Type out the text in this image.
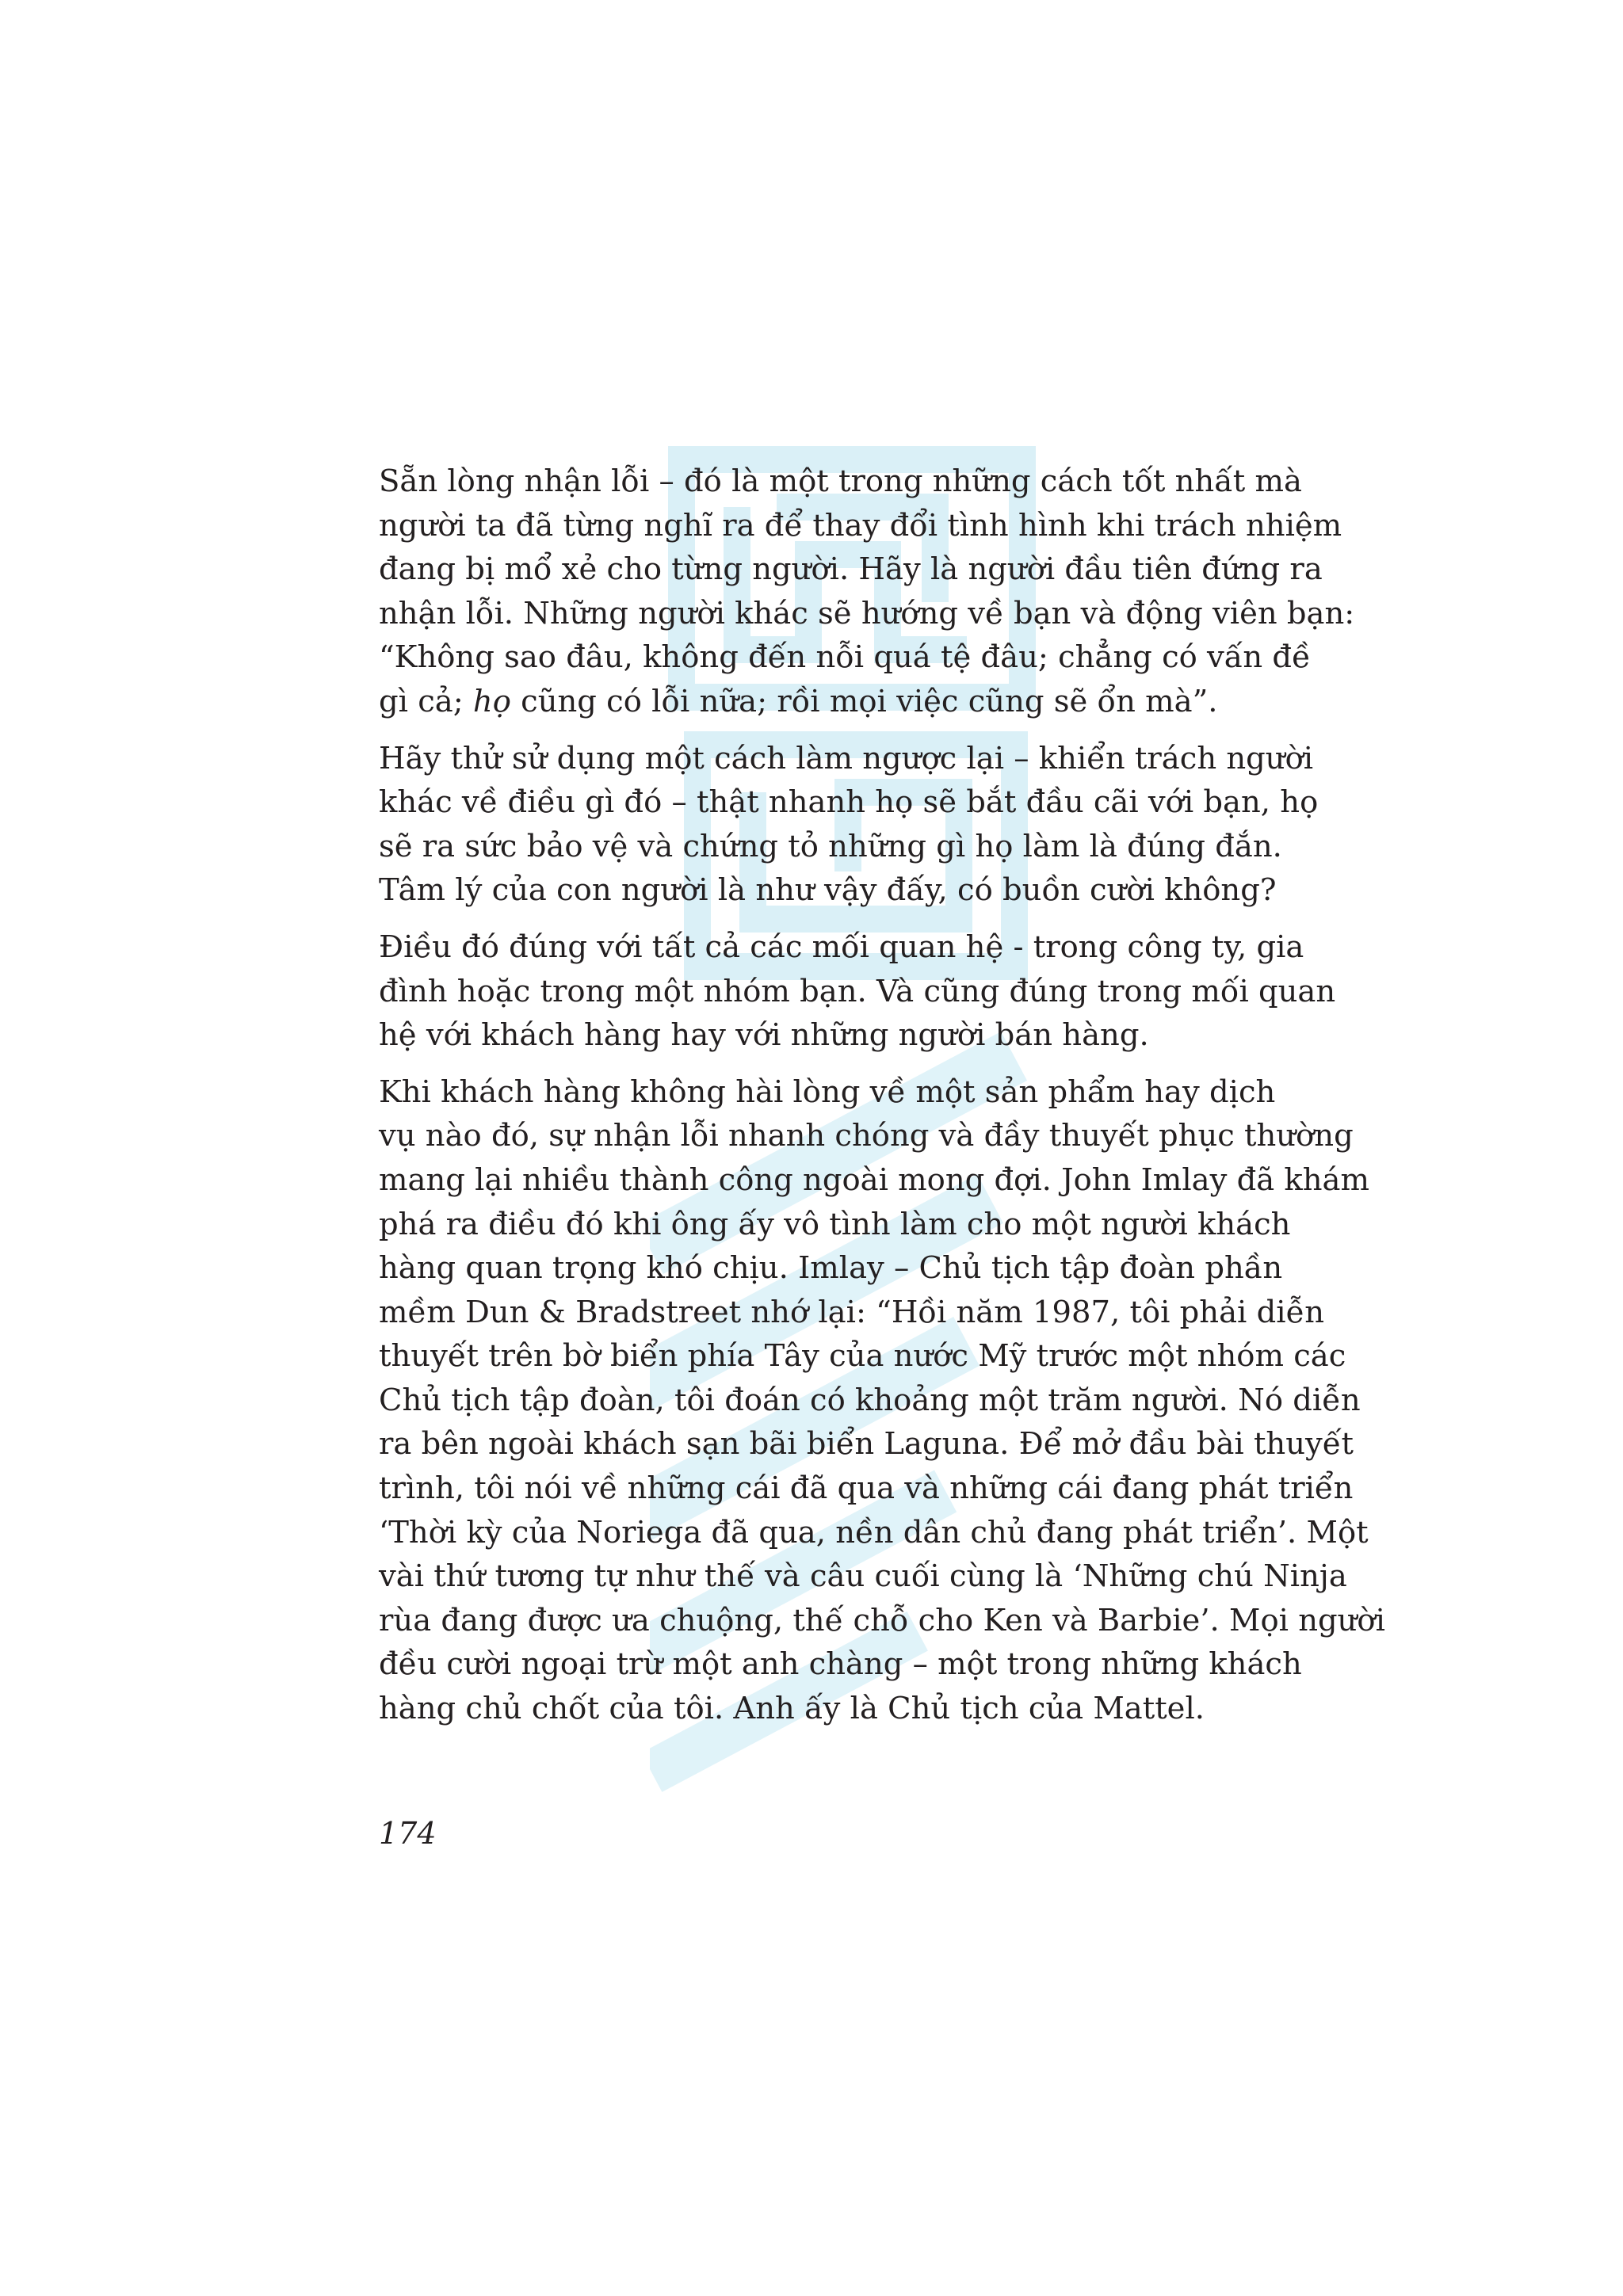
Sẵn lòng nhận lỗi – đó là một trong những cách tốt nhất mà
người ta đã từng nghĩ ra để thay đổi tình hình khi trách nhiệm
đang bị mổ xẻ cho từng người. Hãy là người đầu tiên đứng ra
nhận lỗi. Những người khác sẽ hướng về bạn và động viên bạn:
“Không sao đâu, không đến nỗi quá tệ đâu; chẳng có vấn đề
gì cả; họ cũng có lỗi nữa; rồi mọi việc cũng sẽ ổn mà”.

Hãy thử sử dụng một cách làm ngược lại – khiển trách người
khác về điều gì đó – thật nhanh họ sẽ bắt đầu cãi với bạn, họ
sẽ ra sức bảo vệ và chứng tỏ những gì họ làm là đúng đắn.
Tâm lý của con người là như vậy đấy, có buồn cười không?

Điều đó đúng với tất cả các mối quan hệ - trong công ty, gia
đình hoặc trong một nhóm bạn. Và cũng đúng trong mối quan
hệ với khách hàng hay với những người bán hàng.

Khi khách hàng không hài lòng về một sản phẩm hay dịch
vụ nào đó, sự nhận lỗi nhanh chóng và đầy thuyết phục thường
mang lại nhiều thành công ngoài mong đợi. John Imlay đã khám
phá ra điều đó khi ông ấy vô tình làm cho một người khách
hàng quan trọng khó chịu. Imlay – Chủ tịch tập đoàn phần
mềm Dun & Bradstreet nhớ lại: “Hồi năm 1987, tôi phải diễn
thuyết trên bờ biển phía Tây của nước Mỹ trước một nhóm các
Chủ tịch tập đoàn, tôi đoán có khoảng một trăm người. Nó diễn
ra bên ngoài khách sạn bãi biển Laguna. Để mở đầu bài thuyết
trình, tôi nói về những cái đã qua và những cái đang phát triển
‘Thời kỳ của Noriega đã qua, nền dân chủ đang phát triển’. Một
vài thứ tương tự như thế và câu cuối cùng là ‘Những chú Ninja
rùa đang được ưa chuộng, thế chỗ cho Ken và Barbie’. Mọi người
đều cười ngoại trừ một anh chàng – một trong những khách
hàng chủ chốt của tôi. Anh ấy là Chủ tịch của Mattel.

174
